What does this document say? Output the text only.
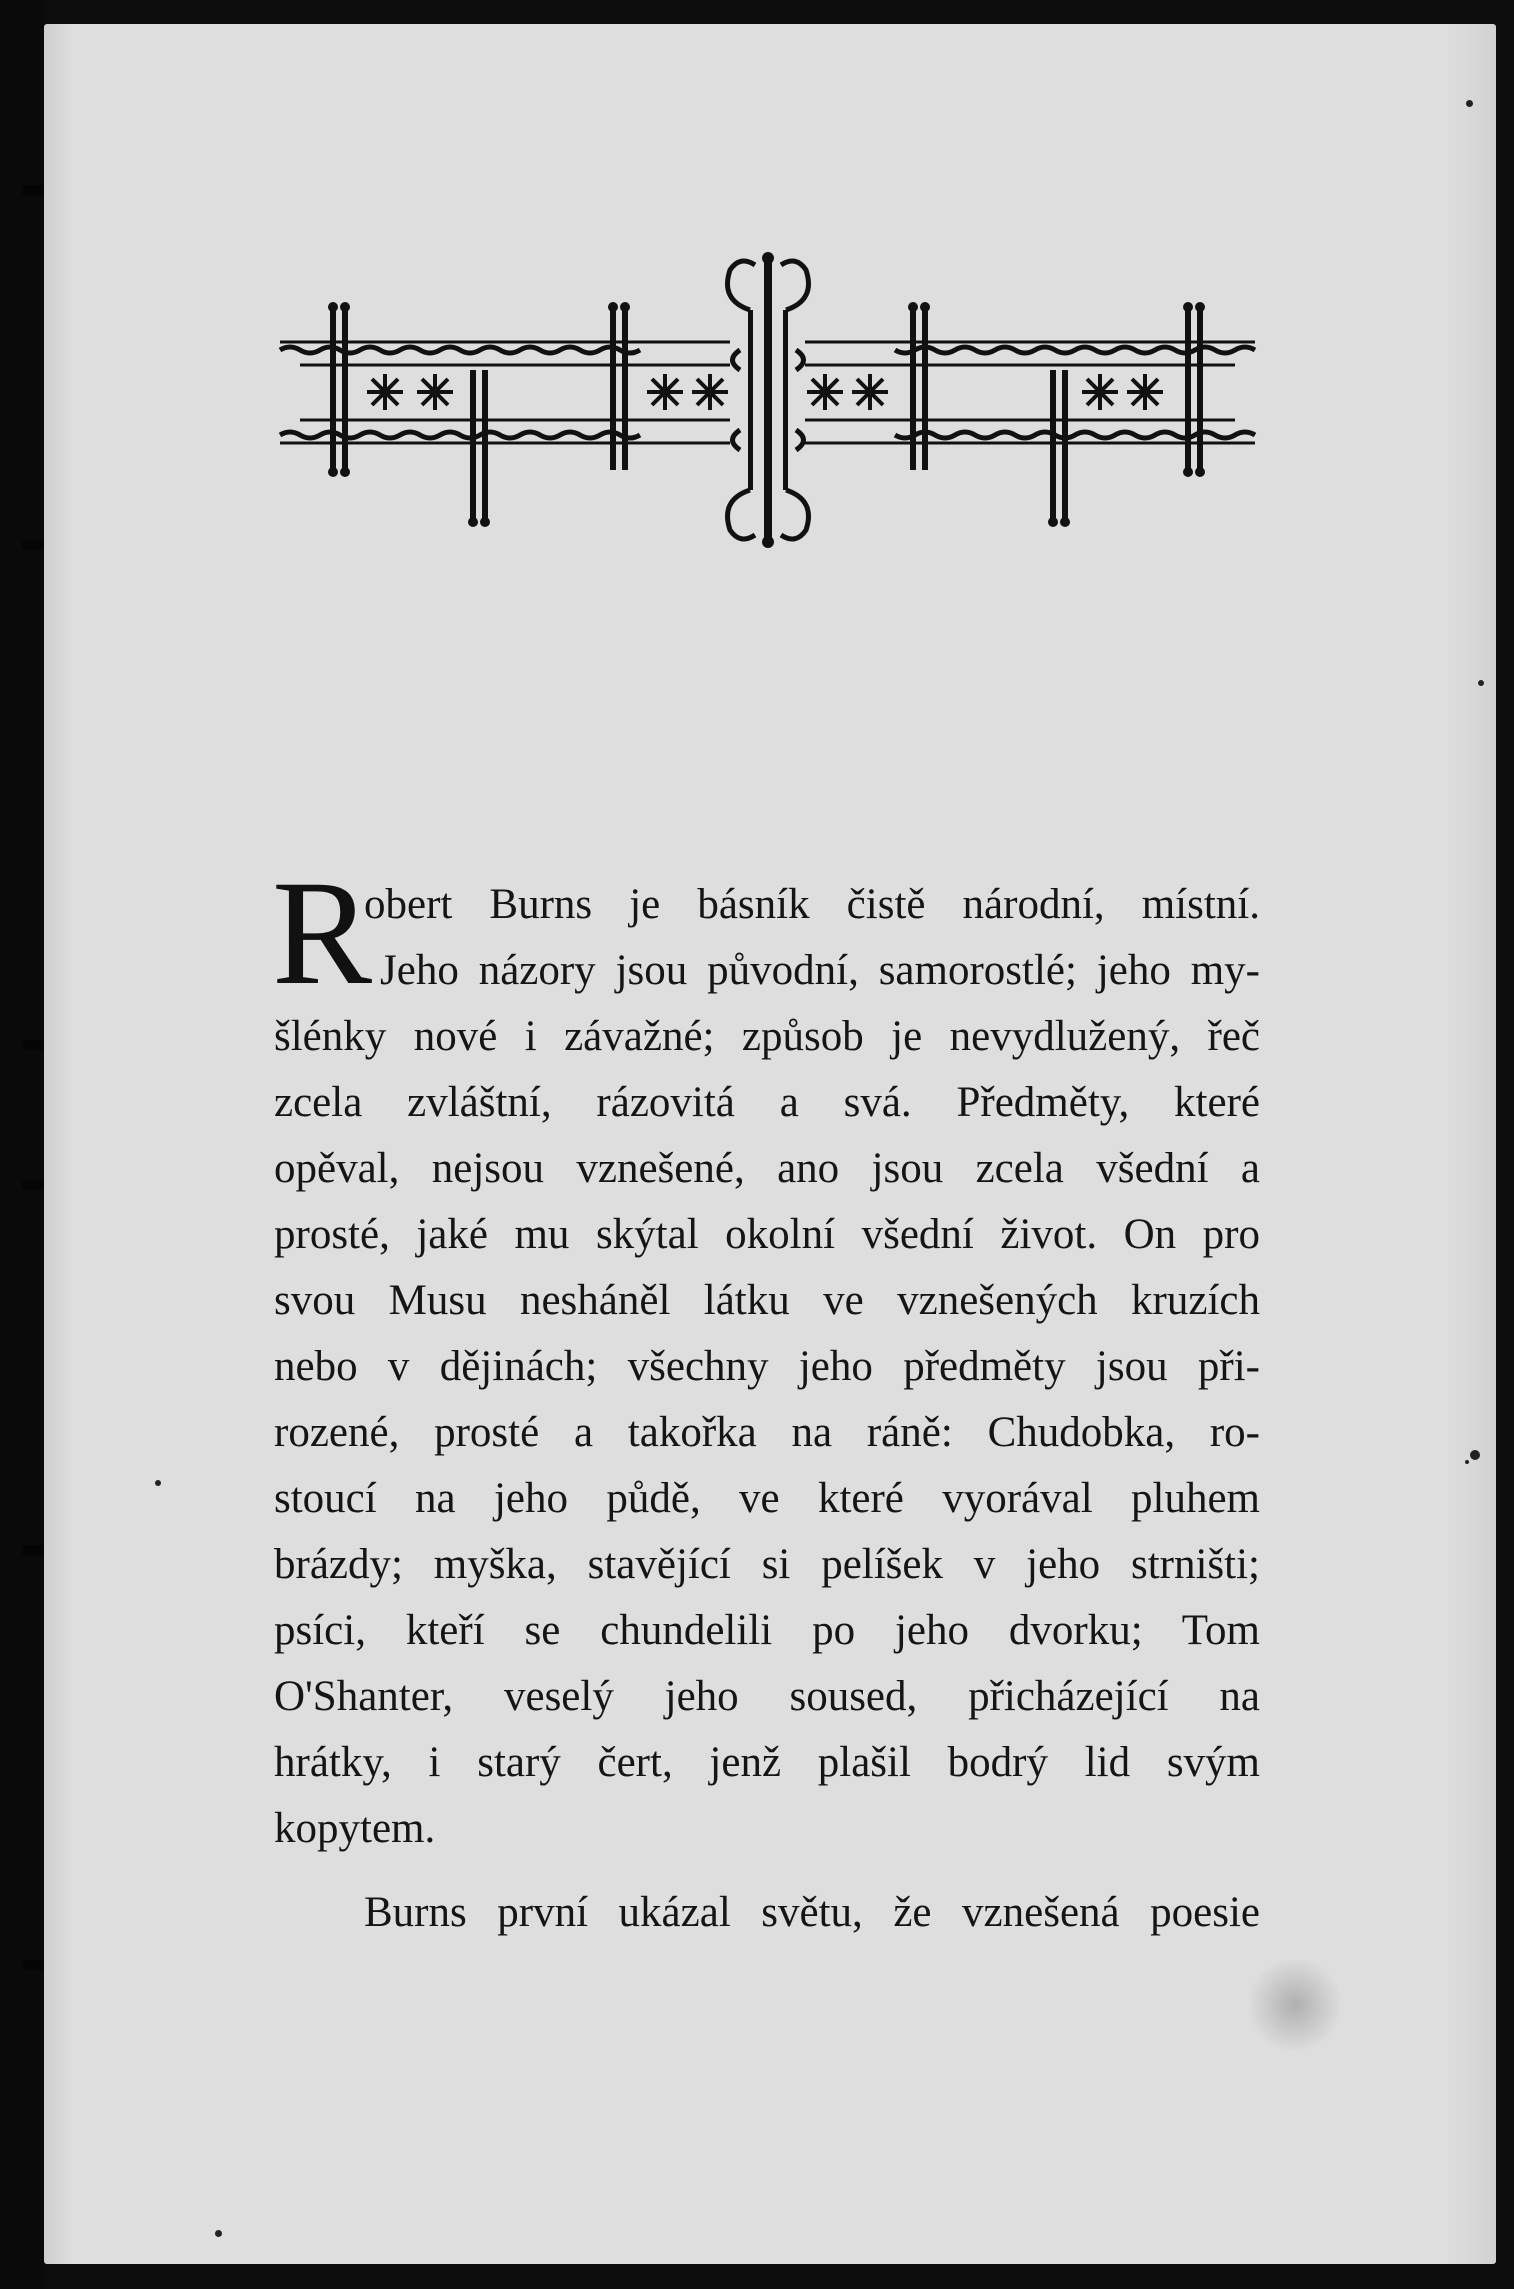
R
obert Burns je básník čistě národní, místní.
Jeho názory jsou původní, samorostlé; jeho my-
šlénky nové i závažné; způsob je nevydlužený, řeč
zcela zvláštní, rázovitá a svá. Předměty, které
opěval, nejsou vznešené, ano jsou zcela všední a
prosté, jaké mu skýtal okolní všední život. On pro
svou Musu nesháněl látku ve vznešených kruzích
nebo v dějinách; všechny jeho předměty jsou při-
rozené, prosté a takořka na ráně: Chudobka, ro-
stoucí na jeho půdě, ve které vyorával pluhem
brázdy; myška, stavějící si pelíšek v jeho strništi;
psíci, kteří se chundelili po jeho dvorku; Tom
O'Shanter, veselý jeho soused, přicházející na
hrátky, i starý čert, jenž plašil bodrý lid svým
kopytem.
Burns první ukázal světu, že vznešená poesie
